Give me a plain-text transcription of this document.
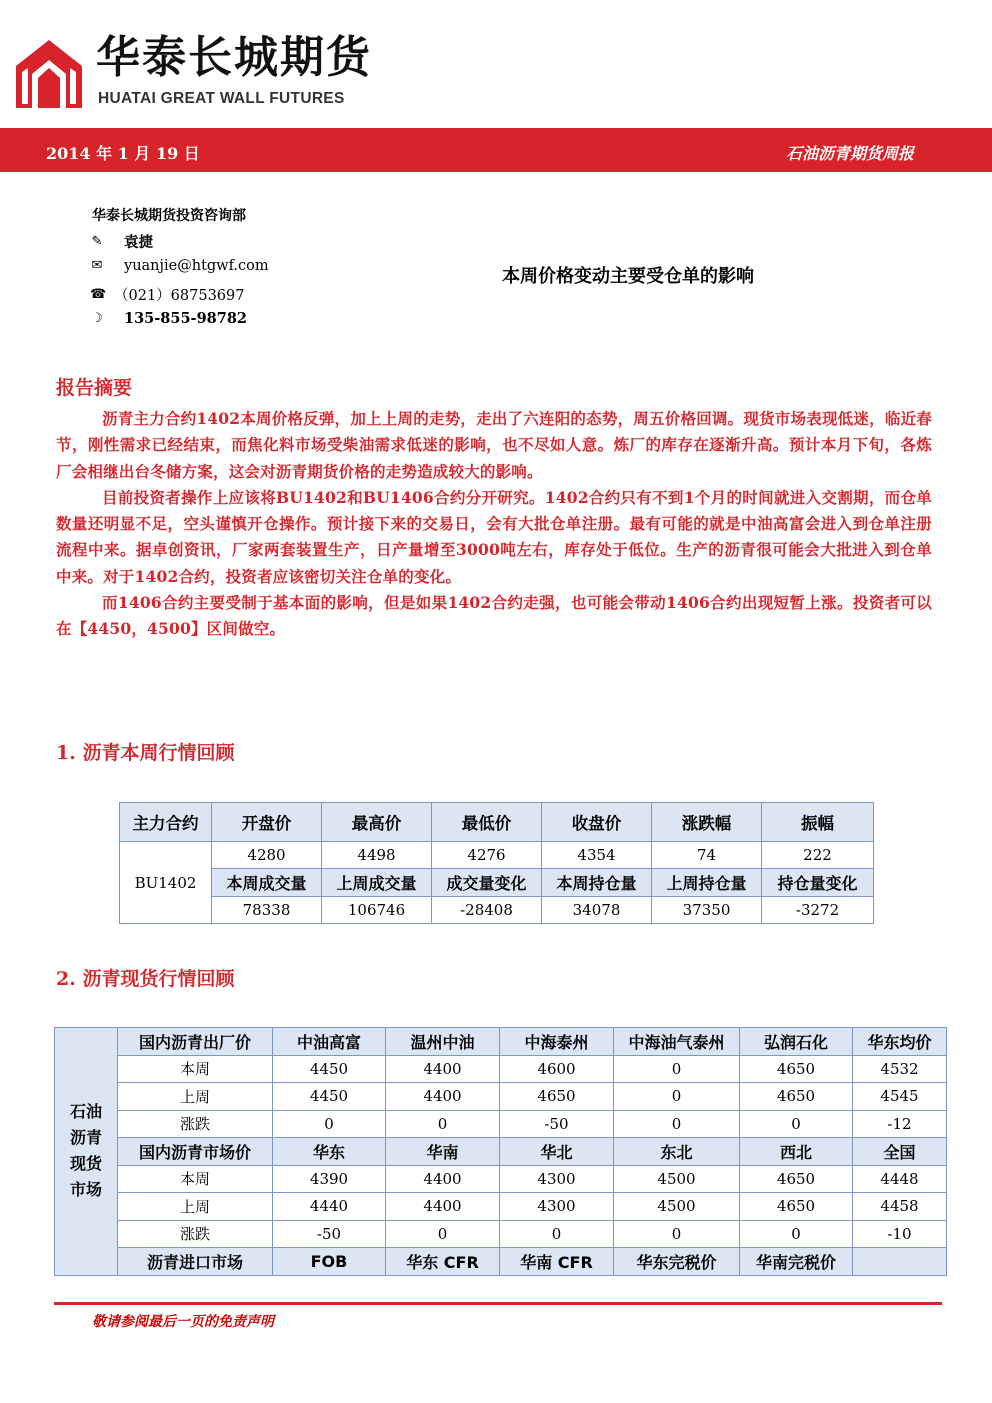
华泰长城期货
HUATAI GREAT WALL FUTURES
2014 年 1 月 19 日	石油沥青期货周报
华泰长城期货投资咨询部
✎ 袁捷
✉ yuanjie@htgwf.com
☎ （021）68753697
☽ 135-855-98782
本周价格变动主要受仓单的影响
报告摘要

沥青主力合约1402本周价格反弹，加上上周的走势，走出了六连阳的态势，周五价格回调。现货市场表现低迷，临近春节，刚性需求已经结束，而焦化料市场受柴油需求低迷的影响，也不尽如人意。炼厂的库存在逐渐升高。预计本月下旬，各炼厂会相继出台冬储方案，这会对沥青期货价格的走势造成较大的影响。

目前投资者操作上应该将BU1402和BU1406合约分开研究。1402合约只有不到1个月的时间就进入交割期，而仓单数量还明显不足，空头谨慎开仓操作。预计接下来的交易日，会有大批仓单注册。最有可能的就是中油高富会进入到仓单注册流程中来。据卓创资讯，厂家两套装置生产，日产量增至3000吨左右，库存处于低位。生产的沥青很可能会大批进入到仓单中来。对于1402合约，投资者应该密切关注仓单的变化。

而1406合约主要受制于基本面的影响，但是如果1402合约走强，也可能会带动1406合约出现短暂上涨。投资者可以在【4450，4500】区间做空。

1. 沥青本周行情回顾
主力合约	开盘价	最高价	最低价	收盘价	涨跌幅	振幅
BU1402	4280	4498	4276	4354	74	222
	本周成交量	上周成交量	成交量变化	本周持仓量	上周持仓量	持仓量变化
	78338	106746	-28408	34078	37350	-3272
2. 沥青现货行情回顾
石油沥青现货市场	国内沥青出厂价	中油高富	温州中油	中海泰州	中海油气泰州	弘润石化	华东均价
	本周	4450	4400	4600	0	4650	4532
	上周	4450	4400	4650	0	4650	4545
	涨跌	0	0	-50	0	0	-12
	国内沥青市场价	华东	华南	华北	东北	西北	全国
	本周	4390	4400	4300	4500	4650	4448
	上周	4440	4400	4300	4500	4650	4458
	涨跌	-50	0	0	0	0	-10
	沥青进口市场	FOB	华东 CFR	华南 CFR	华东完税价	华南完税价	
敬请参阅最后一页的免责声明
